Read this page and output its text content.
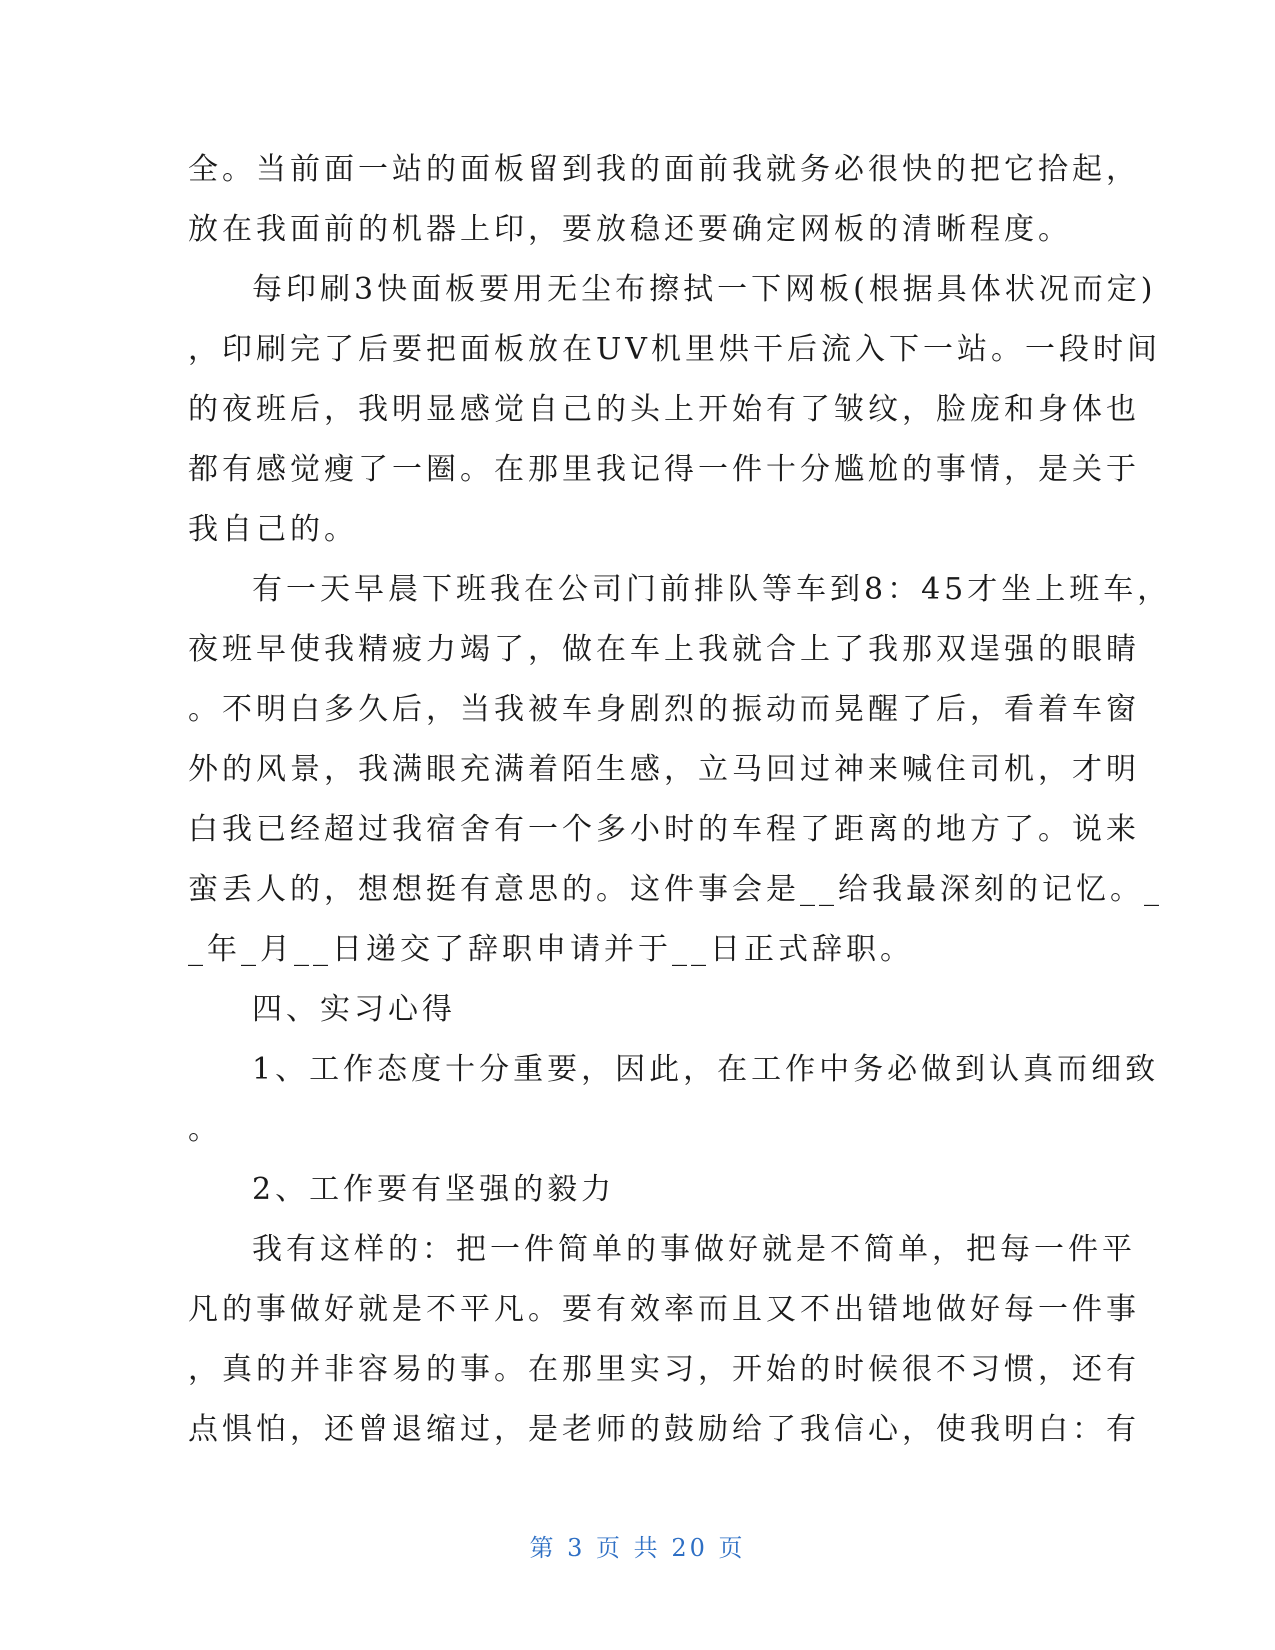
全。当前面一站的面板留到我的面前我就务必很快的把它拾起，
放在我面前的机器上印，要放稳还要确定网板的清晰程度。
每印刷3快面板要用无尘布擦拭一下网板(根据具体状况而定)
，印刷完了后要把面板放在UV机里烘干后流入下一站。一段时间
的夜班后，我明显感觉自己的头上开始有了皱纹，脸庞和身体也
都有感觉瘦了一圈。在那里我记得一件十分尴尬的事情，是关于
我自己的。
有一天早晨下班我在公司门前排队等车到8：45才坐上班车，
夜班早使我精疲力竭了，做在车上我就合上了我那双逞强的眼睛
。不明白多久后，当我被车身剧烈的振动而晃醒了后，看着车窗
外的风景，我满眼充满着陌生感，立马回过神来喊住司机，才明
白我已经超过我宿舍有一个多小时的车程了距离的地方了。说来
蛮丢人的，想想挺有意思的。这件事会是__给我最深刻的记忆。_
_年_月__日递交了辞职申请并于__日正式辞职。
四、实习心得
1、工作态度十分重要，因此，在工作中务必做到认真而细致
。
2、工作要有坚强的毅力
我有这样的：把一件简单的事做好就是不简单，把每一件平
凡的事做好就是不平凡。要有效率而且又不出错地做好每一件事
，真的并非容易的事。在那里实习，开始的时候很不习惯，还有
点惧怕，还曾退缩过，是老师的鼓励给了我信心，使我明白：有
第 3 页 共 20 页
